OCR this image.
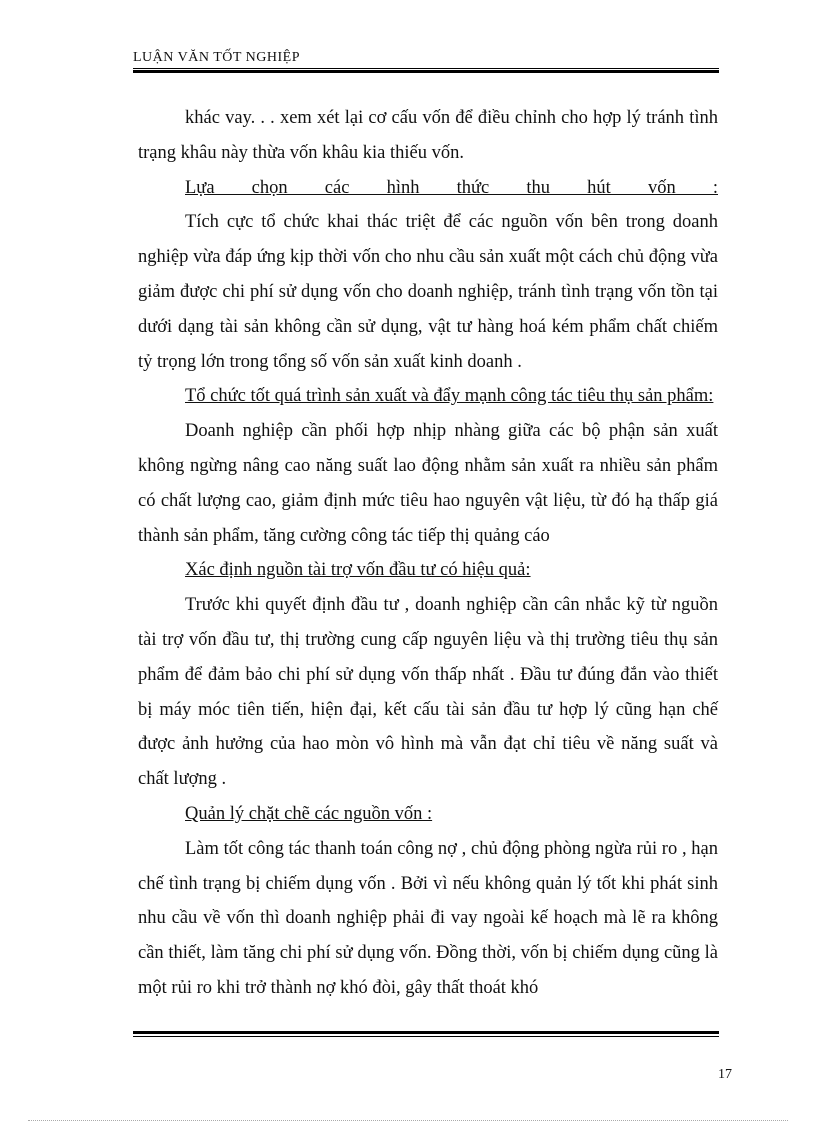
LUẬN VĂN TỐT NGHIỆP

khác vay. . . xem xét lại cơ cấu vốn để điều chỉnh cho hợp lý tránh tình trạng khâu này thừa vốn khâu kia thiếu vốn.

Lựa chọn các hình thức thu hút vốn :

Tích cực tổ chức khai thác triệt để các nguồn vốn bên trong doanh nghiệp vừa đáp ứng kịp thời vốn cho nhu cầu sản xuất một cách chủ động vừa giảm được chi phí sử dụng vốn cho doanh nghiệp, tránh tình trạng vốn tồn tại dưới dạng tài sản không cần sử dụng, vật tư hàng hoá kém phẩm chất chiếm tỷ trọng lớn trong tổng số vốn sản xuất kinh doanh .

Tổ chức tốt quá trình sản xuất và đẩy mạnh công tác tiêu thụ sản phẩm:

Doanh nghiệp cần phối hợp nhịp nhàng giữa các bộ phận sản xuất không ngừng nâng cao năng suất lao động nhằm sản xuất ra nhiều sản phẩm có chất lượng cao, giảm định mức tiêu hao nguyên vật liệu, từ đó hạ thấp giá thành sản phẩm, tăng cường công tác tiếp thị quảng cáo

Xác định nguồn tài trợ vốn đầu tư có hiệu quả:

Trước khi quyết định đầu tư , doanh nghiệp cần cân nhắc kỹ từ nguồn tài trợ vốn đầu tư, thị trường cung cấp nguyên liệu và thị trường tiêu thụ sản phẩm để đảm bảo chi phí sử dụng vốn thấp nhất . Đầu tư đúng đắn vào thiết bị máy móc tiên tiến, hiện đại, kết cấu tài sản đầu tư hợp lý cũng hạn chế được ảnh hưởng của hao mòn vô hình mà vẫn đạt chỉ tiêu về năng suất và chất lượng .

Quản lý chặt chẽ các nguồn vốn :

Làm tốt công tác thanh toán công nợ , chủ động phòng ngừa rủi ro , hạn chế tình trạng bị chiếm dụng vốn . Bởi vì nếu không quản lý tốt khi phát sinh nhu cầu về vốn thì doanh nghiệp phải đi vay ngoài kế hoạch mà lẽ ra không cần thiết, làm tăng chi phí sử dụng vốn. Đồng thời, vốn bị chiếm dụng cũng là một rủi ro khi trở thành nợ khó đòi, gây thất thoát khó

17
